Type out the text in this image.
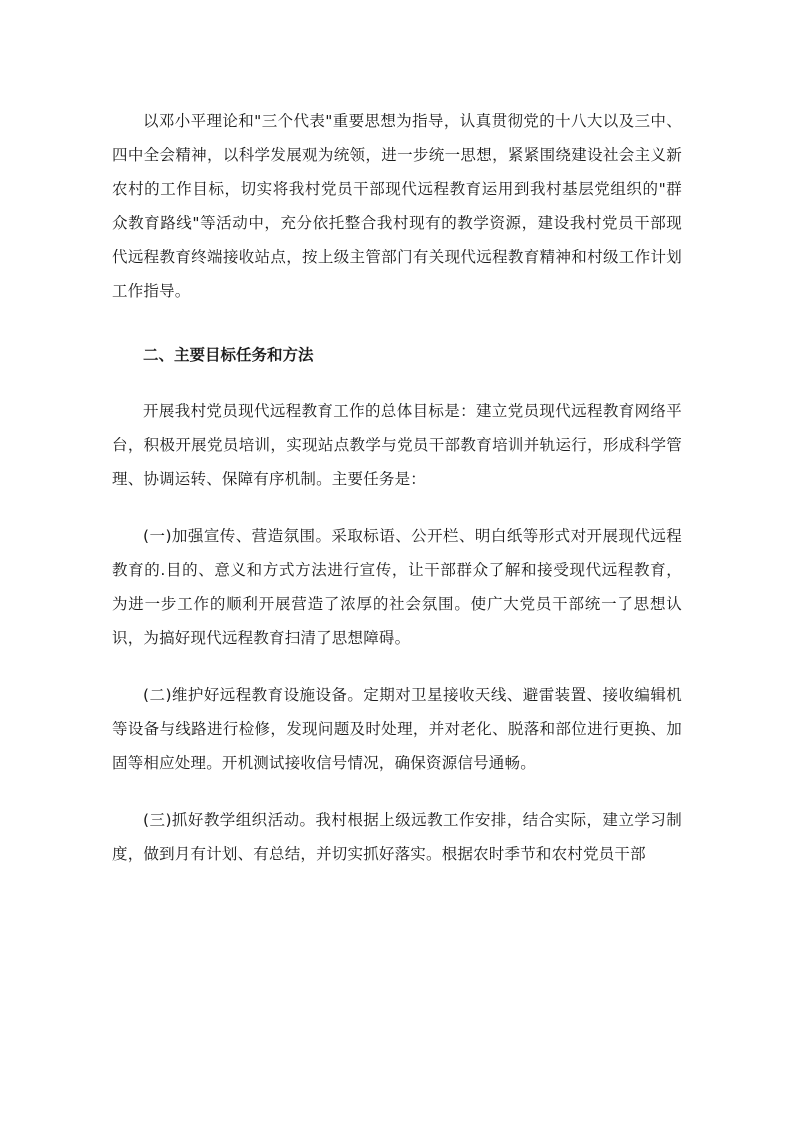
以邓小平理论和"三个代表"重要思想为指导，认真贯彻党的十八大以及三中、四中全会精神，以科学发展观为统领，进一步统一思想，紧紧围绕建设社会主义新农村的工作目标，切实将我村党员干部现代远程教育运用到我村基层党组织的"群众教育路线"等活动中，充分依托整合我村现有的教学资源，建设我村党员干部现代远程教育终端接收站点，按上级主管部门有关现代远程教育精神和村级工作计划工作指导。

二、主要目标任务和方法

开展我村党员现代远程教育工作的总体目标是：建立党员现代远程教育网络平台，积极开展党员培训，实现站点教学与党员干部教育培训并轨运行，形成科学管理、协调运转、保障有序机制。主要任务是：

(一)加强宣传、营造氛围。采取标语、公开栏、明白纸等形式对开展现代远程教育的.目的、意义和方式方法进行宣传，让干部群众了解和接受现代远程教育，为进一步工作的顺利开展营造了浓厚的社会氛围。使广大党员干部统一了思想认识，为搞好现代远程教育扫清了思想障碍。

(二)维护好远程教育设施设备。定期对卫星接收天线、避雷装置、接收编辑机等设备与线路进行检修，发现问题及时处理，并对老化、脱落和部位进行更换、加固等相应处理。开机测试接收信号情况，确保资源信号通畅。

(三)抓好教学组织活动。我村根据上级远教工作安排，结合实际，建立学习制度，做到月有计划、有总结，并切实抓好落实。根据农时季节和农村党员干部
